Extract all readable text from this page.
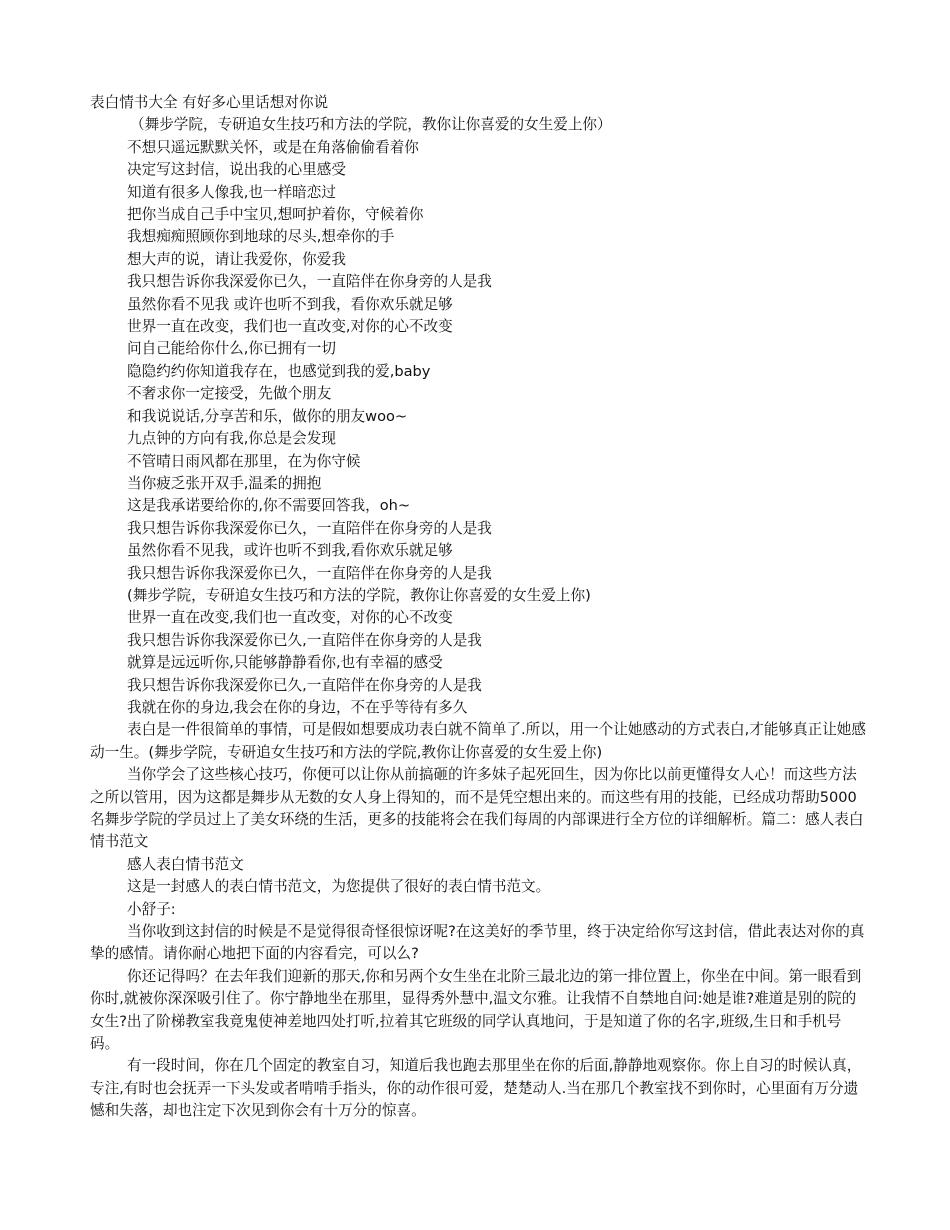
表白情书大全 有好多心里话想对你说
（舞步学院，专研追女生技巧和方法的学院，教你让你喜爱的女生爱上你）
不想只遥远默默关怀，或是在角落偷偷看着你
决定写这封信，说出我的心里感受
知道有很多人像我,也一样暗恋过
把你当成自己手中宝贝,想呵护着你，守候着你
我想痴痴照顾你到地球的尽头,想牵你的手
想大声的说，请让我爱你，你爱我
我只想告诉你我深爱你已久，一直陪伴在你身旁的人是我
虽然你看不见我 或许也听不到我，看你欢乐就足够
世界一直在改变，我们也一直改变,对你的心不改变
问自己能给你什么,你已拥有一切
隐隐约约你知道我存在，也感觉到我的爱,baby
不奢求你一定接受，先做个朋友
和我说说话,分享苦和乐，做你的朋友woo~
九点钟的方向有我,你总是会发现
不管晴日雨风都在那里，在为你守候
当你疲乏张开双手,温柔的拥抱
这是我承诺要给你的,你不需要回答我，oh~
我只想告诉你我深爱你已久，一直陪伴在你身旁的人是我
虽然你看不见我，或许也听不到我,看你欢乐就足够
我只想告诉你我深爱你已久，一直陪伴在你身旁的人是我
(舞步学院，专研追女生技巧和方法的学院，教你让你喜爱的女生爱上你)
世界一直在改变,我们也一直改变，对你的心不改变
我只想告诉你我深爱你已久,一直陪伴在你身旁的人是我
就算是远远听你,只能够静静看你,也有幸福的感受
我只想告诉你我深爱你已久,一直陪伴在你身旁的人是我
我就在你的身边,我会在你的身边，不在乎等待有多久

表白是一件很简单的事情，可是假如想要成功表白就不简单了.所以，用一个让她感动的方式表白,才能够真正让她感动一生。(舞步学院，专研追女生技巧和方法的学院,教你让你喜爱的女生爱上你)

当你学会了这些核心技巧，你便可以让你从前搞砸的许多妹子起死回生，因为你比以前更懂得女人心！而这些方法之所以管用，因为这都是舞步从无数的女人身上得知的，而不是凭空想出来的。而这些有用的技能，已经成功帮助5000名舞步学院的学员过上了美女环绕的生活，更多的技能将会在我们每周的内部课进行全方位的详细解析。篇二：感人表白情书范文

感人表白情书范文
这是一封感人的表白情书范文，为您提供了很好的表白情书范文。
小舒子:

当你收到这封信的时候是不是觉得很奇怪很惊讶呢?在这美好的季节里，终于决定给你写这封信，借此表达对你的真挚的感情。请你耐心地把下面的内容看完，可以么?

你还记得吗？在去年我们迎新的那天,你和另两个女生坐在北阶三最北边的第一排位置上，你坐在中间。第一眼看到你时,就被你深深吸引住了。你宁静地坐在那里，显得秀外慧中,温文尔雅。让我情不自禁地自问:她是谁?难道是别的院的女生?出了阶梯教室我竟鬼使神差地四处打听,拉着其它班级的同学认真地问，于是知道了你的名字,班级,生日和手机号码。

有一段时间，你在几个固定的教室自习，知道后我也跑去那里坐在你的后面,静静地观察你。你上自习的时候认真，专注,有时也会抚弄一下头发或者啃啃手指头，你的动作很可爱，楚楚动人.当在那几个教室找不到你时，心里面有万分遗憾和失落，却也注定下次见到你会有十万分的惊喜。
